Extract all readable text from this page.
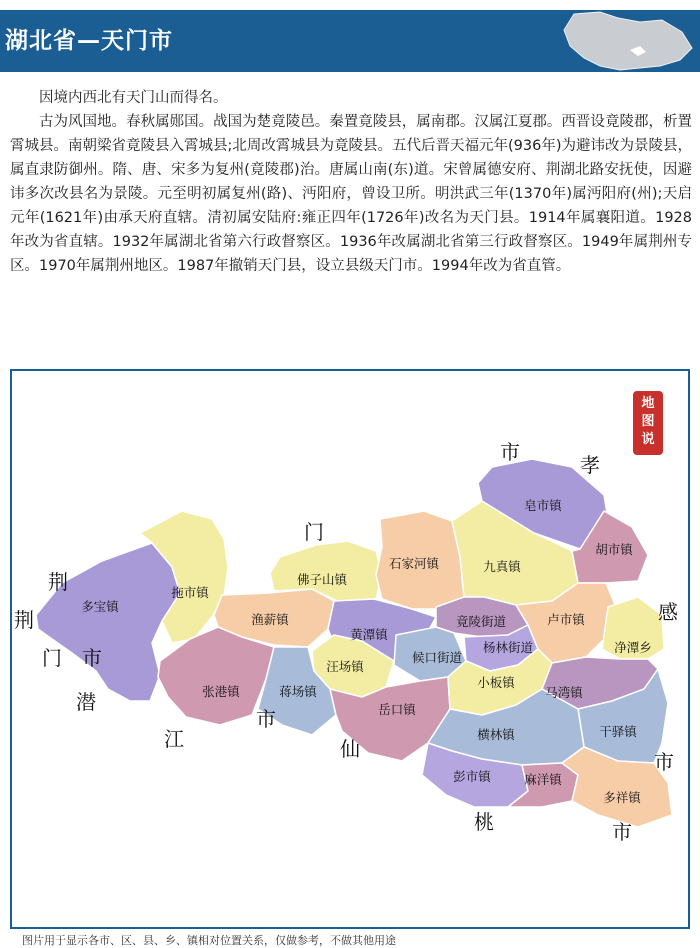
湖北省—天门市

因境内西北有天门山而得名。

古为风国地。春秋属郧国。战国为楚竟陵邑。秦置竟陵县，属南郡。汉属江夏郡。西晋设竟陵郡，析置霄城县。南朝梁省竟陵县入霄城县;北周改霄城县为竟陵县。五代后晋天福元年(936年)为避讳改为景陵县，属直隶防御州。隋、唐、宋多为复州(竟陵郡)治。唐属山南(东)道。宋曾属德安府、荆湖北路安抚使，因避讳多次改县名为景陵。元至明初属复州(路)、沔阳府，曾设卫所。明洪武三年(1370年)属沔阳府(州);天启元年(1621年)由承天府直辖。清初属安陆府:雍正四年(1726年)改名为天门县。1914年属襄阳道。1928年改为省直辖。1932年属湖北省第六行政督察区。1936年改属湖北省第三行政督察区。1949年属荆州专区。1970年属荆州地区。1987年撤销天门县，设立县级天门市。1994年改为省直管。

地
图
说
多宝镇
拖市镇
渔薪镇
佛子山镇
石家河镇	九真镇
皂市镇
胡市镇
黄潭镇
竟陵街道
杨林街道
卢市镇
净潭乡
汪场镇
候口街道
张港镇	蒋场镇
岳口镇
小板镇
马湾镇
干驿镇
横林镇
彭市镇	麻洋镇
多祥镇
荆
荆
门 市
潜
江
市
仙
桃	市
市
感
孝
市
门
图片用于显示各市、区、县、乡、镇相对位置关系，仅做参考，不做其他用途
